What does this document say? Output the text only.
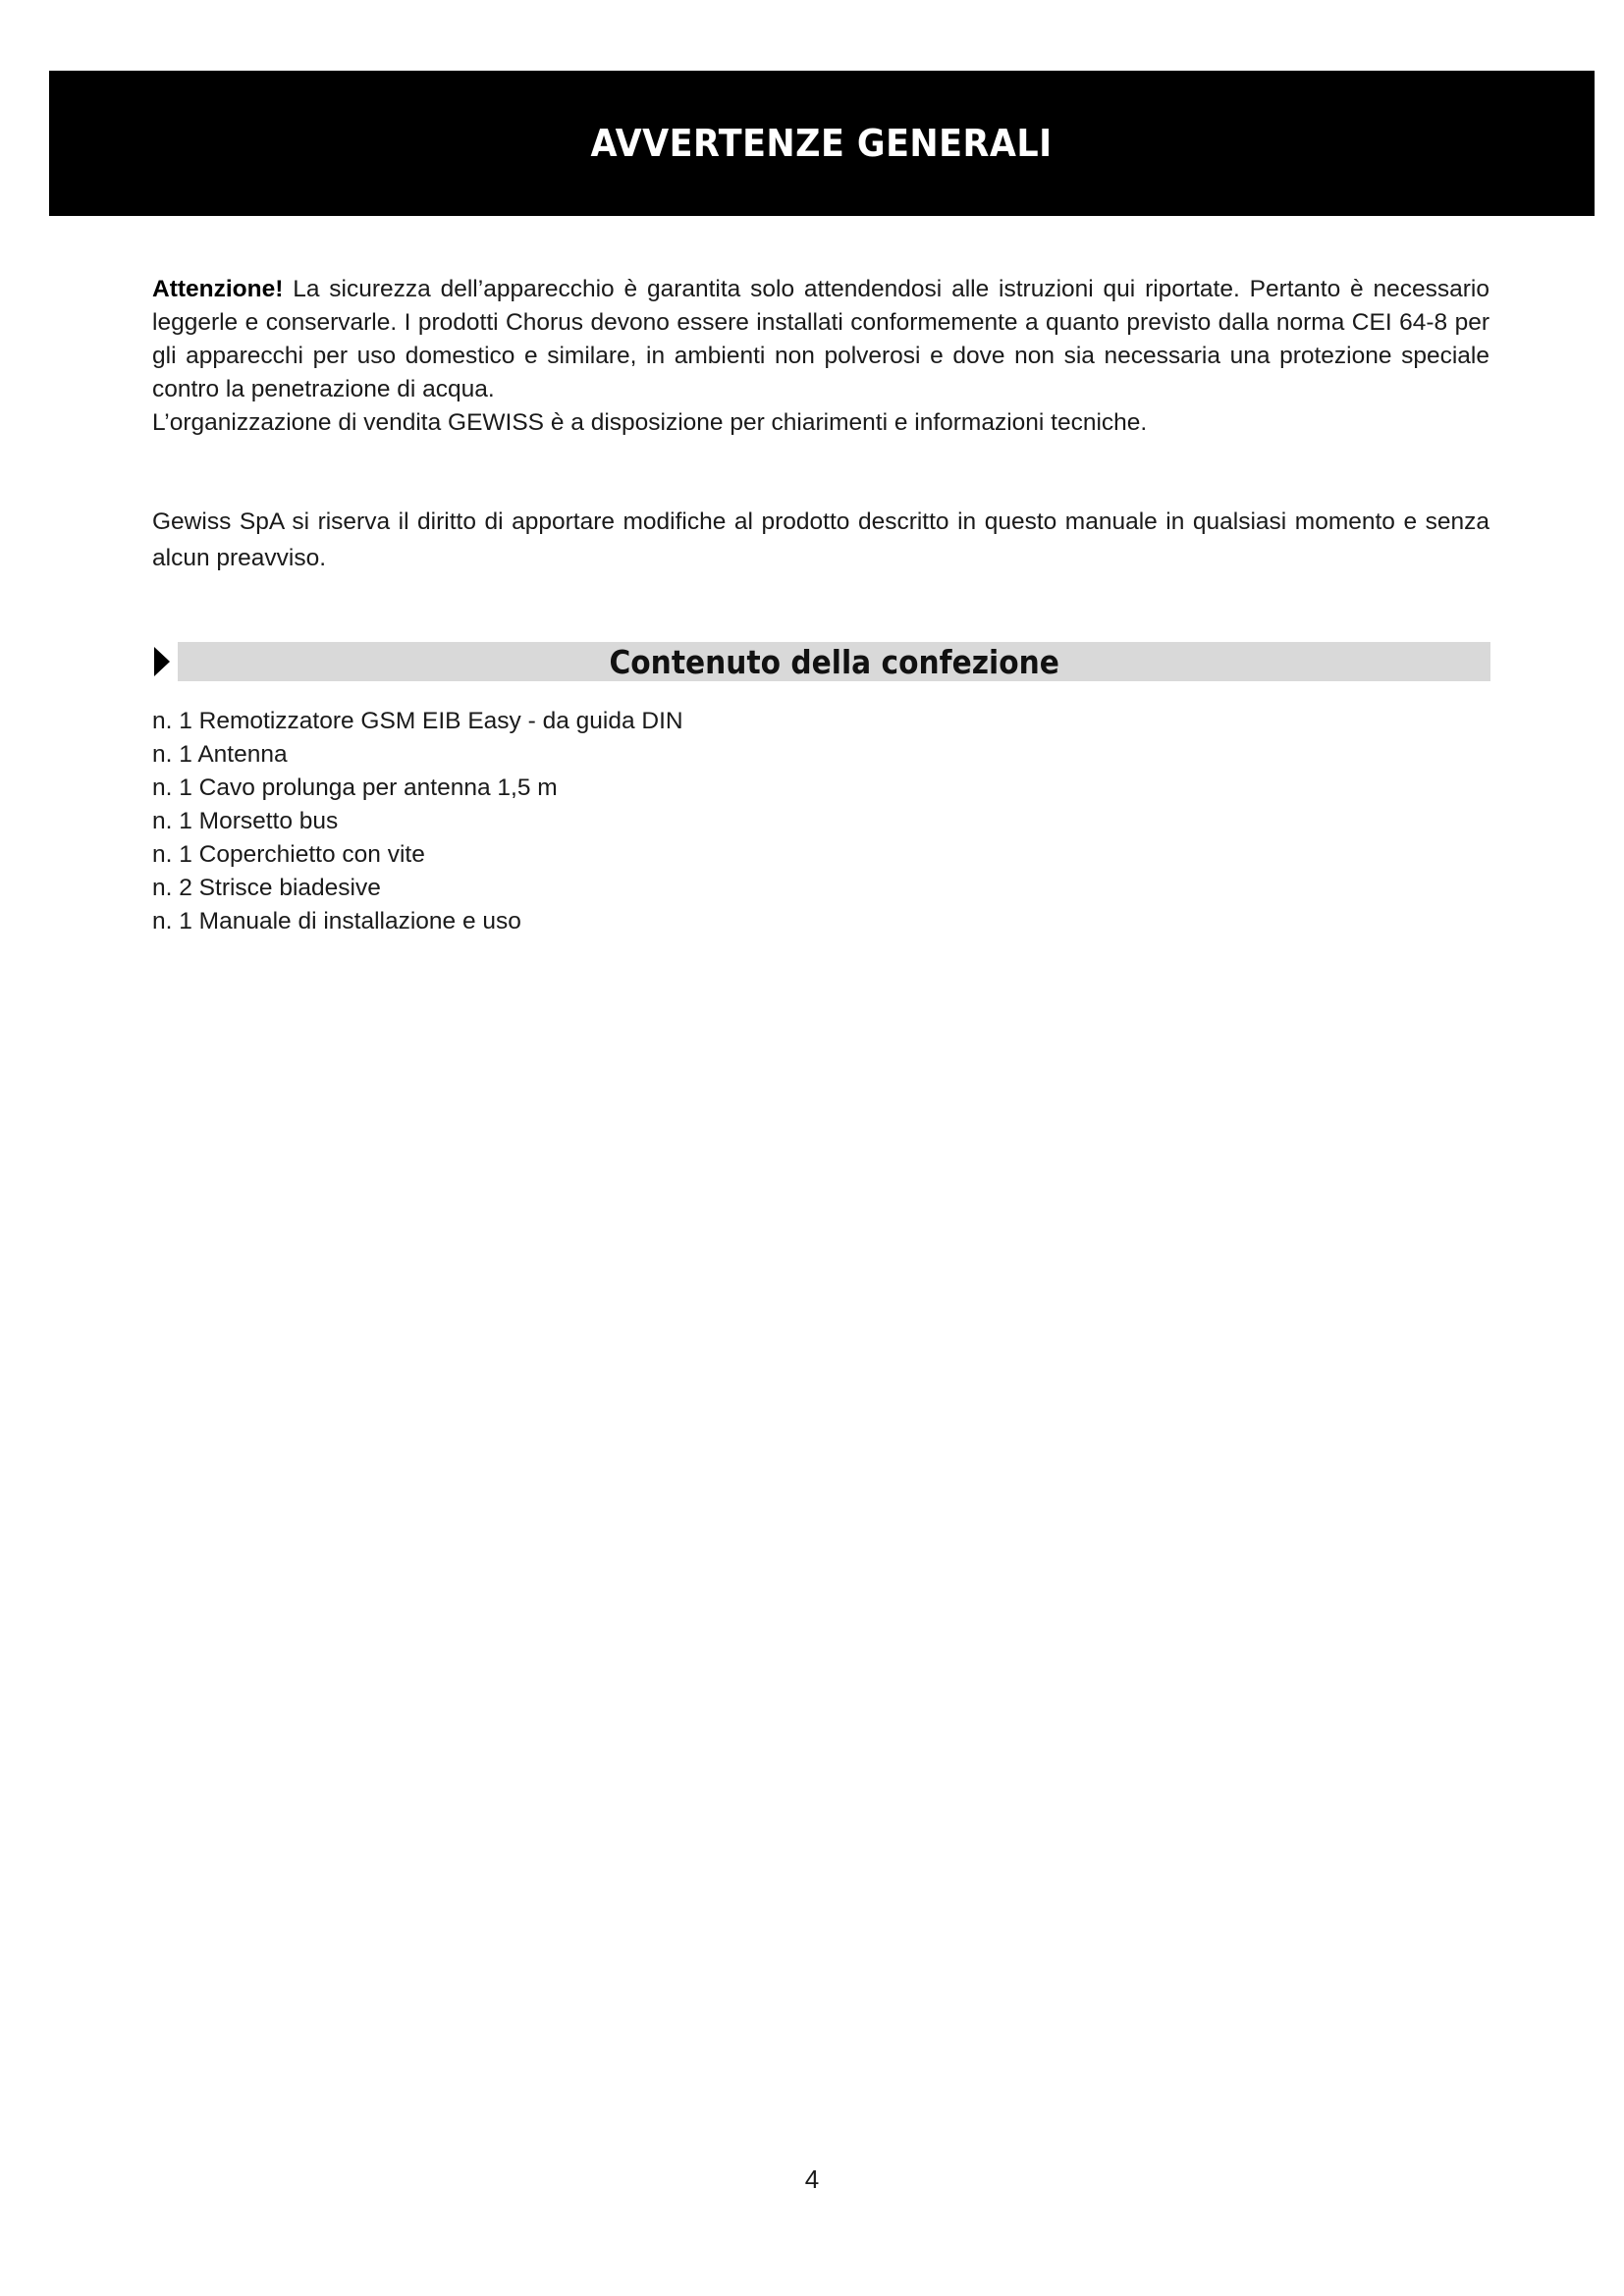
AVVERTENZE GENERALI

Attenzione! La sicurezza dell’apparecchio è garantita solo attendendosi alle istruzioni qui riportate. Pertanto è necessario leggerle e conservarle. I prodotti Chorus devono essere installati conformemente a quanto previsto dalla norma CEI 64-8 per gli apparecchi per uso domestico e similare, in ambienti non polverosi e dove non sia necessaria una protezione speciale contro la penetrazione di acqua.

L’organizzazione di vendita GEWISS è a disposizione per chiarimenti e informazioni tecniche.

Gewiss SpA si riserva il diritto di apportare modifiche al prodotto descritto in questo manuale in qualsiasi momento e senza alcun preavviso.

Contenuto della confezione
n. 1 Remotizzatore GSM EIB Easy - da guida DIN
n. 1 Antenna
n. 1 Cavo prolunga per antenna 1,5 m
n. 1 Morsetto bus
n. 1 Coperchietto con vite
n. 2 Strisce biadesive
n. 1 Manuale di installazione e uso
4
